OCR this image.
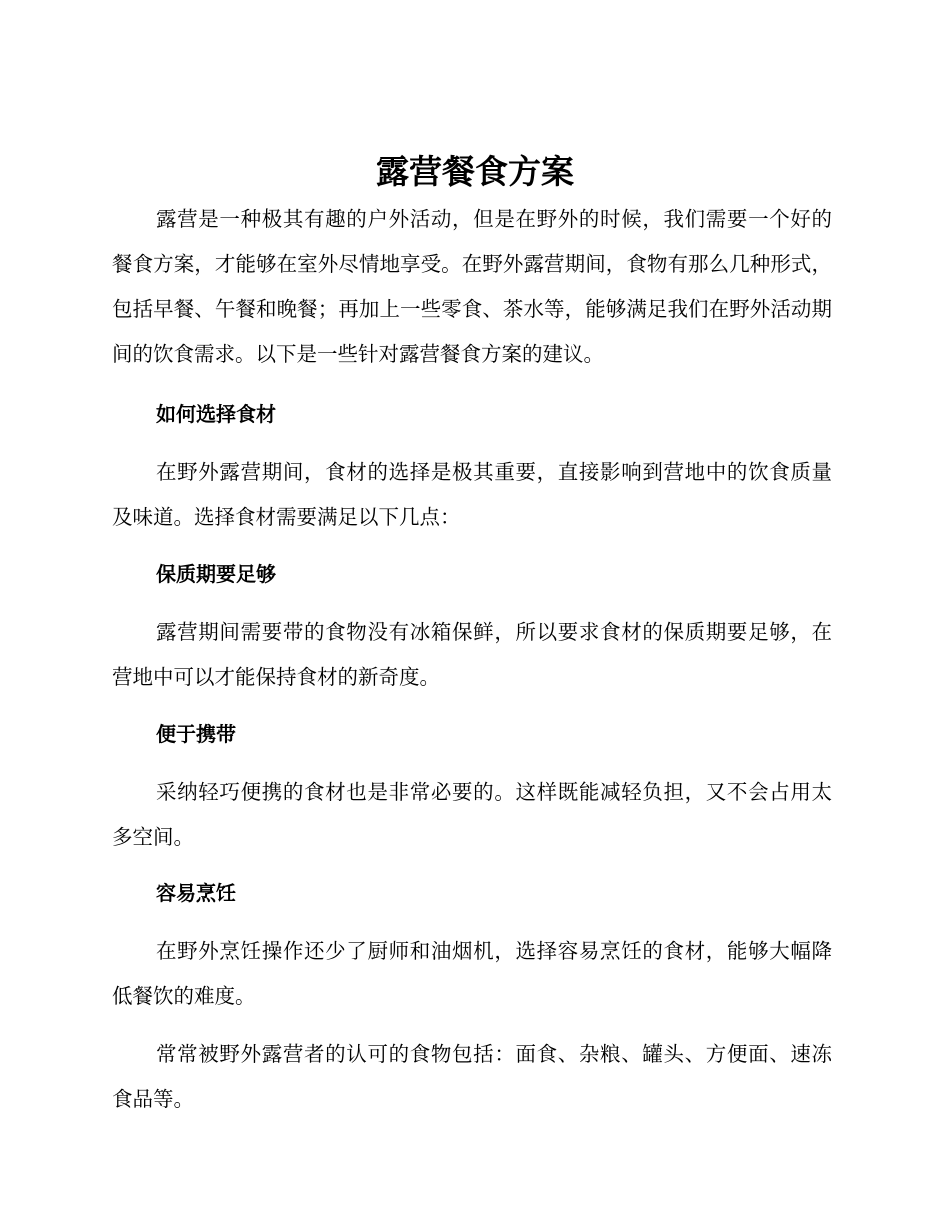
露营餐食方案

露营是一种极其有趣的户外活动，但是在野外的时候，我们需要一个好的餐食方案，才能够在室外尽情地享受。在野外露营期间，食物有那么几种形式，包括早餐、午餐和晚餐；再加上一些零食、茶水等，能够满足我们在野外活动期间的饮食需求。以下是一些针对露营餐食方案的建议。

如何选择食材

在野外露营期间，食材的选择是极其重要，直接影响到营地中的饮食质量及味道。选择食材需要满足以下几点：

保质期要足够

露营期间需要带的食物没有冰箱保鲜，所以要求食材的保质期要足够，在营地中可以才能保持食材的新奇度。

便于携带

采纳轻巧便携的食材也是非常必要的。这样既能减轻负担，又不会占用太多空间。

容易烹饪

在野外烹饪操作还少了厨师和油烟机，选择容易烹饪的食材，能够大幅降低餐饮的难度。

常常被野外露营者的认可的食物包括：面食、杂粮、罐头、方便面、速冻食品等。
